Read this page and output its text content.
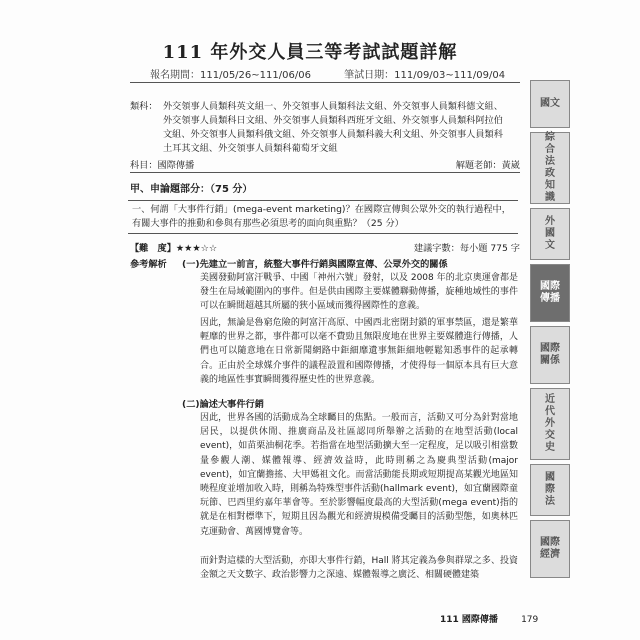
111 年外交人員三等考試試題詳解
報名期間：111/05/26~111/06/06	筆試日期：111/09/03~111/09/04
類科： 外交領事人員類科英文組一、外交領事人員類科法文組、外交領事人員類科德文組、
外交領事人員類科日文組、外交領事人員類科西班牙文組、外交領事人員類科阿拉伯
文組、外交領事人員類科俄文組、外交領事人員類科義大利文組、外交領事人員類科
土耳其文組、外交領事人員類科葡萄牙文組
科目：國際傳播	解題老師：黃崴
甲、申論題部分：（75 分）
一、何謂「大事件行銷」(mega-event marketing)？在國際宣傳與公眾外交的執行過程中，
有關大事件的推動和參與有那些必須思考的面向與重點？（25 分）
【難　度】★★★☆☆	建議字數：每小題 775 字
參考解析 (一)先建立一前言，統整大事件行銷與國際宣傳、公眾外交的關係
美國發動阿富汗戰爭、中國「神州六號」發射，以及 2008 年的北京奧運會都是發生在局域範圍內的事件。但是供由國際主要媒體聯動傳播，旋種地域性的事件可以在瞬間超越其所屬的狹小區域而獲得國際性的意義。
因此，無論是魯窮危險的阿富汗高原、中國西北密閉封鎖的軍事禁區，還是繁華輕靡的世界之都，事件都可以毫不費勁且無限度地在世界主要媒體進行傳播，人們也可以隨意地在日常新聞網路中鉅細靡遺事無鉅細地輕鬆知悉事件的起承轉合。正由於全球媒介事件的議程設置和國際傳播，才使得每一個原本具有巨大意義的地區性事實瞬間獲得歷史性的世界意義。
(二)論述大事件行銷
因此，世界各國的活動成為全球矚目的焦點。一般而言，活動又可分為針對當地居民，以提供休閒、推廣商品及社區認同所舉辦之活動的在地型活動(local event)，如苗栗油桐花季。若指當在地型活動擴大至一定程度，足以吸引相當數量參觀人潮、媒體報導、經濟效益時，此時則稱之為慶典型活動(major event)，如宜蘭擔搖、大甲媽祖文化。而當活動能長期或短期提高某觀光地區知曉程度並增加收入時，則稱為特殊型事件活動(hallmark event)，如宜蘭國際童玩節、巴西里約嘉年華會等。至於影響幅度最高的大型活動(mega event)指的就是在相對標準下，短期且因為觀光和經濟規模備受矚目的活動型態，如奧林匹克運動會、萬國博覽會等。
而針對這樣的大型活動，亦即大事件行銷，Hall 將其定義為參與群眾之多、投資金額之天文數字、政治影響力之深遠、媒體報導之廣泛、相關硬體建築
111 國際傳播	179
國文
綜合法政知識
外國文
國際傳播
國際關係
近代外交史
國際法
國際經濟
